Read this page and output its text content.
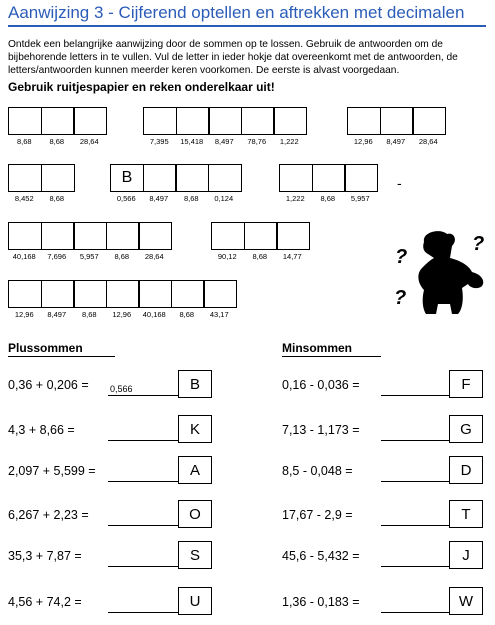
Aanwijzing 3 - Cijferend optellen en aftrekken met decimalen
Ontdek een belangrijke aanwijzing door de sommen op te lossen. Gebruik de antwoorden om de bijbehorende letters in te vullen. Vul de letter in ieder hokje dat overeenkomt met de antwoorden, de letters/antwoorden kunnen meerder keren voorkomen. De eerste is alvast voorgedaan.
Gebruik ruitjespapier en reken onderelkaar uit!
8,68	8,68	28,64	7,395	15,418	8,497	78,76	1,222	12,96	8,497	28,64
8,452	8,68
B
0,566	8,497	8,68	0,124	1,222	8,68	5,957
40,168	7,696	5,957	8,68	28,64	90,12	8,68	14,77
12,96	8,497	8,68	12,96	40,168	8,68	43,17
-
?
?
?
Plussommen	Minsommen
0,36 + 0,206 = 0,566	B
4,3 + 8,66 =	K
2,097 + 5,599 =	A
6,267 + 2,23 =	O
35,3 + 7,87 =	S
4,56 + 74,2 =	U
0,16 - 0,036 =	F
7,13 - 1,173 =	G
8,5 - 0,048 =	D
17,67 - 2,9 =	T
45,6 - 5,432 =	J
1,36 - 0,183 =	W
